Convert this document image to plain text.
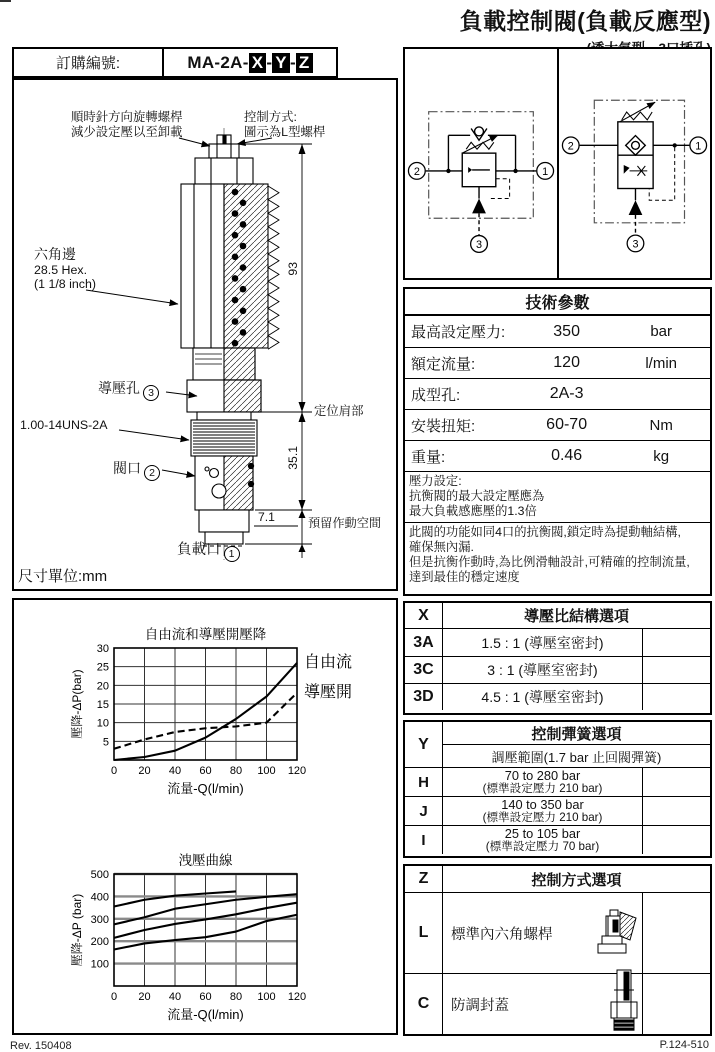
負載控制閥(負載反應型)
訂購編號:	MA-2A- X - Y - Z
順時針方向旋轉螺桿
減少設定壓以至卸載
控制方式:
圖示為L型螺桿
六角邊
28.5 Hex.
(1 1/8 inch)
導壓孔 3
1.00-14UNS-2A
閥口 2
負載口 1
定位肩部
預留作動空間
7.1
93
35.1
尺寸單位:mm
2	1
3
2	1
3
技術參數
最高設定壓力:	350	bar
額定流量:	120	l/min
成型孔:	2A-3
安裝扭矩:	60-70	Nm
重量:	0.46	kg
壓力設定:
抗衡閥的最大設定壓應為
最大負載感應壓的1.3倍
此閥的功能如同4口的抗衡閥,鎖定時為提動軸結構,
確保無內漏.
但是抗衡作動時,為比例滑軸設計,可精確的控制流量,
達到最佳的穩定速度
0 20 40 60 80 100 120
5
10
15
20
25
30
自由流和導壓開壓降
流量-Q(l/min)
壓降-ΔP(bar)
自由流
導壓開
0 20 40 60 80 100 120
100
200
300
400
500
洩壓曲線
流量-Q(l/min)
壓降-ΔP (bar)
X	導壓比結構選項
3A	1.5 : 1 (導壓室密封)
3C	3 : 1 (導壓室密封)
3D	4.5 : 1 (導壓室密封)
Y
控制彈簧選項
調壓範圍(1.7 bar 止回閥彈簧)
H	70 to 280 bar
(標準設定壓力 210 bar)
J	140 to 350 bar
(標準設定壓力 210 bar)
I	25 to 105 bar
(標準設定壓力 70 bar)
Z	控制方式選項
L	標準內六角螺桿
C	防調封蓋
Rev. 150408	P.124-510
